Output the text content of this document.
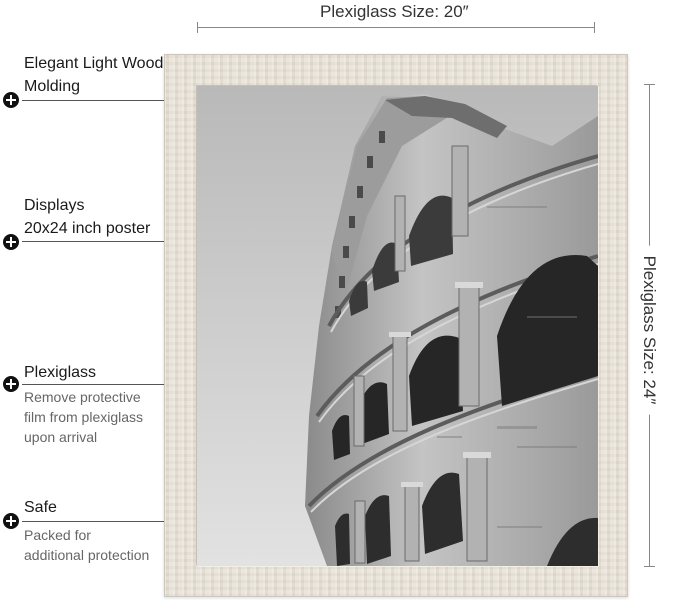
Plexiglass Size: 20″
Plexiglass Size: 24″
Elegant Light Wood
Molding
Displays
20x24 inch poster
Plexiglass
Remove protective
film from plexiglass
upon arrival
Safe
Packed for
additional protection
